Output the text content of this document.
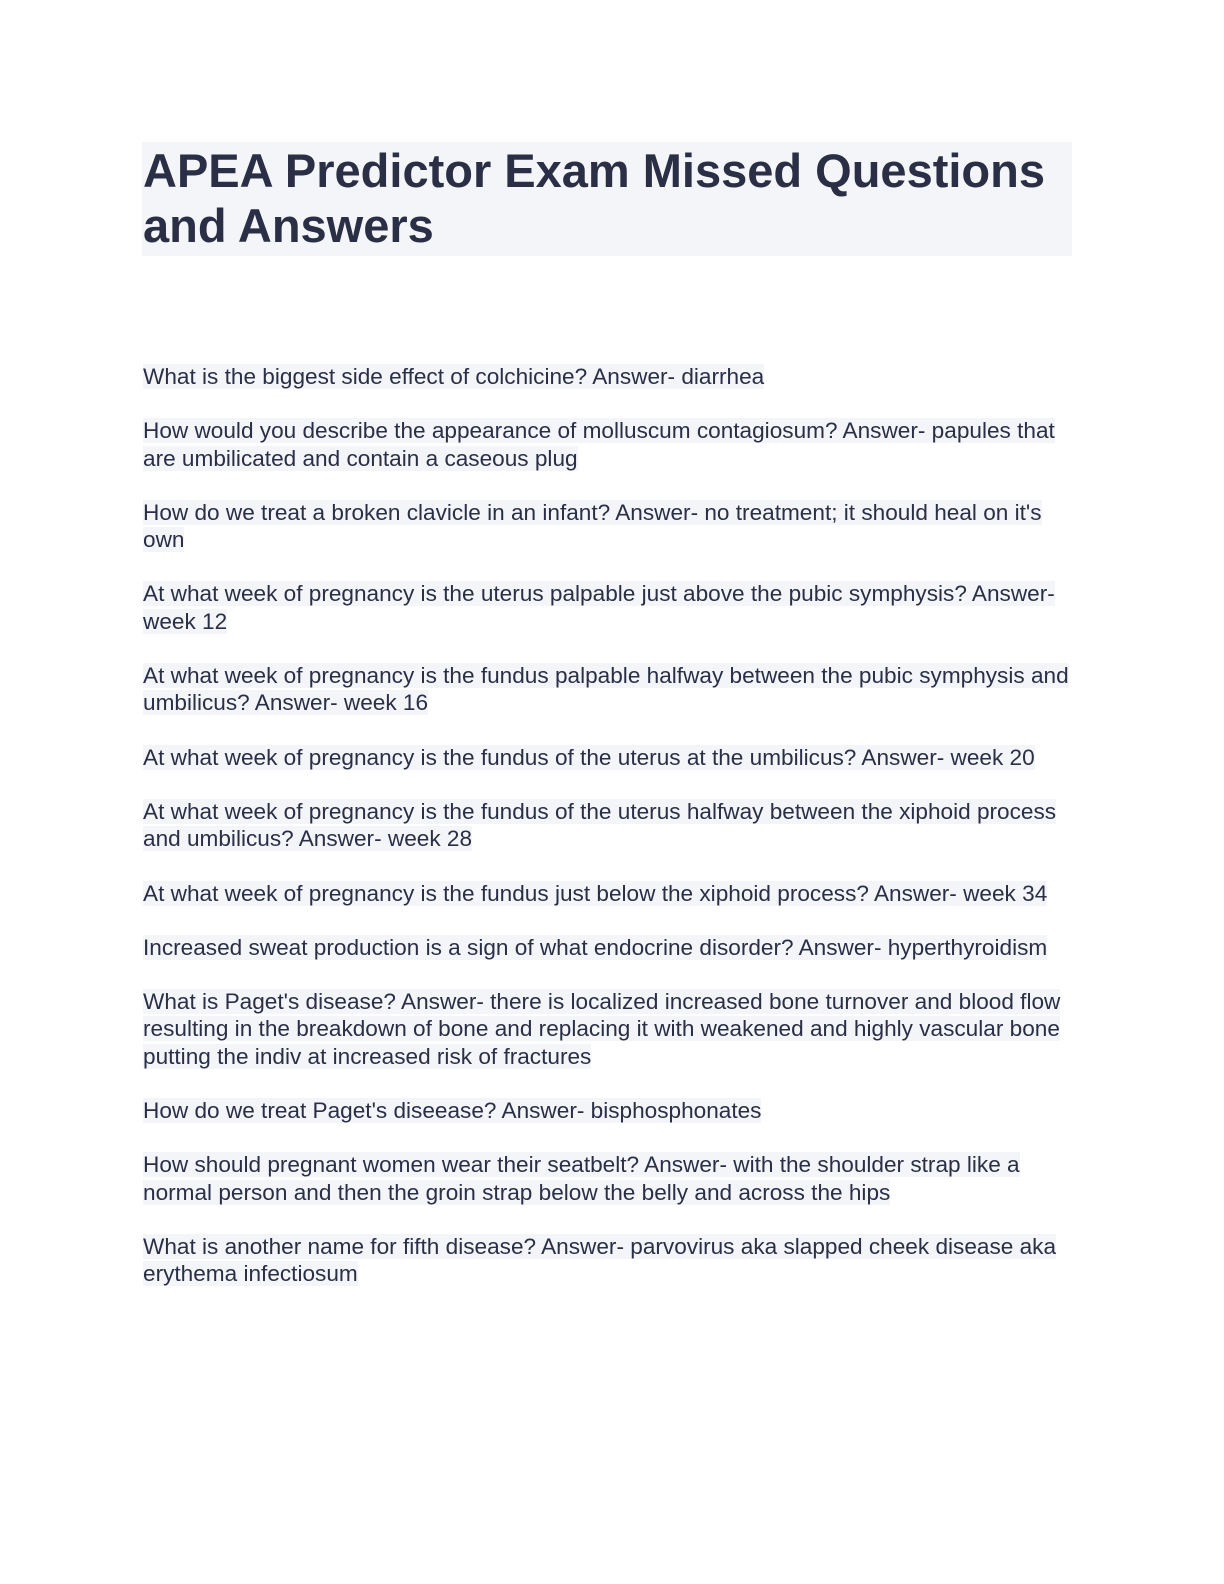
APEA Predictor Exam Missed Questions and Answers

What is the biggest side effect of colchicine? Answer- diarrhea

How would you describe the appearance of molluscum contagiosum? Answer- papules that are umbilicated and contain a caseous plug

How do we treat a broken clavicle in an infant? Answer- no treatment; it should heal on it's own

At what week of pregnancy is the uterus palpable just above the pubic symphysis? Answer- week 12

At what week of pregnancy is the fundus palpable halfway between the pubic symphysis and umbilicus? Answer- week 16

At what week of pregnancy is the fundus of the uterus at the umbilicus? Answer- week 20

At what week of pregnancy is the fundus of the uterus halfway between the xiphoid process and umbilicus? Answer- week 28

At what week of pregnancy is the fundus just below the xiphoid process? Answer- week 34

Increased sweat production is a sign of what endocrine disorder? Answer- hyperthyroidism

What is Paget's disease? Answer- there is localized increased bone turnover and blood flow resulting in the breakdown of bone and replacing it with weakened and highly vascular bone putting the indiv at increased risk of fractures

How do we treat Paget's diseease? Answer- bisphosphonates

How should pregnant women wear their seatbelt? Answer- with the shoulder strap like a normal person and then the groin strap below the belly and across the hips

What is another name for fifth disease? Answer- parvovirus aka slapped cheek disease aka erythema infectiosum
